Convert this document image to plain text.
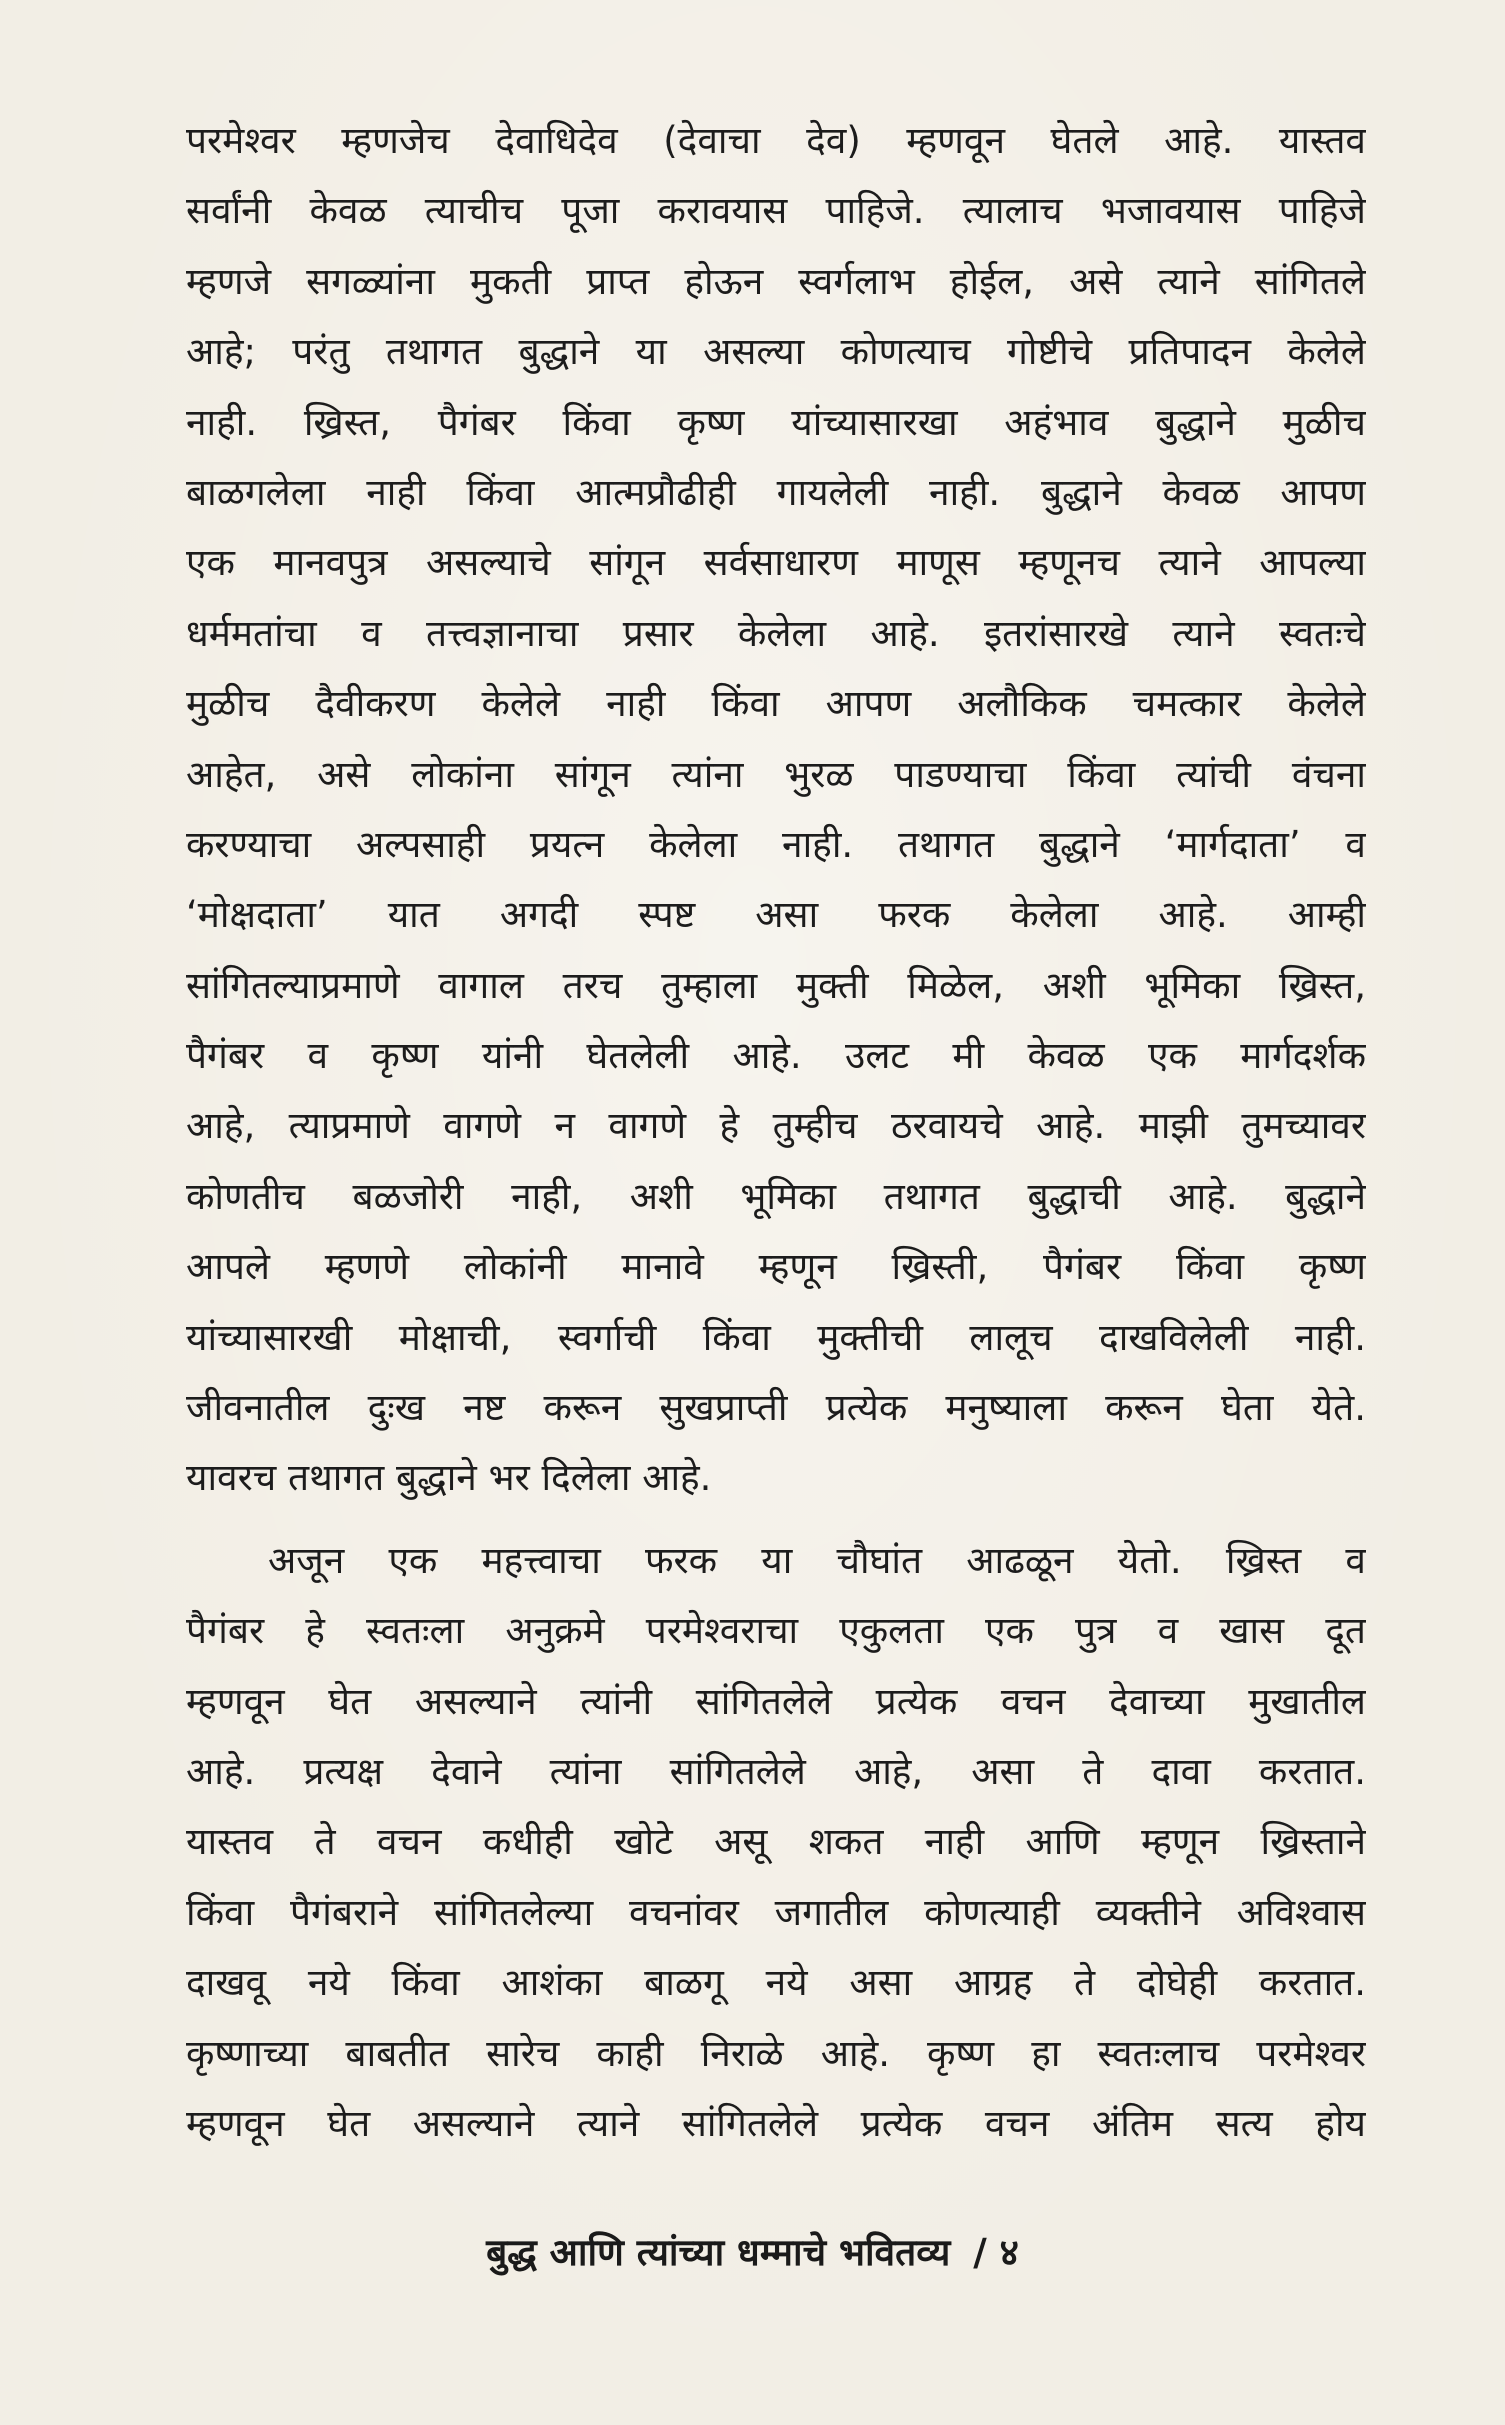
परमेश्वर म्हणजेच देवाधिदेव (देवाचा देव) म्हणवून घेतले आहे. यास्तव
सर्वांनी केवळ त्याचीच पूजा करावयास पाहिजे. त्यालाच भजावयास पाहिजे
म्हणजे सगळ्यांना मुकती प्राप्त होऊन स्वर्गलाभ होईल, असे त्याने सांगितले
आहे; परंतु तथागत बुद्धाने या असल्या कोणत्याच गोष्टीचे प्रतिपादन केलेले
नाही. ख्रिस्त, पैगंबर किंवा कृष्ण यांच्यासारखा अहंभाव बुद्धाने मुळीच
बाळगलेला नाही किंवा आत्मप्रौढीही गायलेली नाही. बुद्धाने केवळ आपण
एक मानवपुत्र असल्याचे सांगून सर्वसाधारण माणूस म्हणूनच त्याने आपल्या
धर्ममतांचा व तत्त्वज्ञानाचा प्रसार केलेला आहे. इतरांसारखे त्याने स्वतःचे
मुळीच दैवीकरण केलेले नाही किंवा आपण अलौकिक चमत्कार केलेले
आहेत, असे लोकांना सांगून त्यांना भुरळ पाडण्याचा किंवा त्यांची वंचना
करण्याचा अल्पसाही प्रयत्न केलेला नाही. तथागत बुद्धाने ‘मार्गदाता’ व
‘मोक्षदाता’ यात अगदी स्पष्ट असा फरक केलेला आहे. आम्ही
सांगितल्याप्रमाणे वागाल तरच तुम्हाला मुक्ती मिळेल, अशी भूमिका ख्रिस्त,
पैगंबर व कृष्ण यांनी घेतलेली आहे. उलट मी केवळ एक मार्गदर्शक
आहे, त्याप्रमाणे वागणे न वागणे हे तुम्हीच ठरवायचे आहे. माझी तुमच्यावर
कोणतीच बळजोरी नाही, अशी भूमिका तथागत बुद्धाची आहे. बुद्धाने
आपले म्हणणे लोकांनी मानावे म्हणून ख्रिस्ती, पैगंबर किंवा कृष्ण
यांच्यासारखी मोक्षाची, स्वर्गाची किंवा मुक्तीची लालूच दाखविलेली नाही.
जीवनातील दुःख नष्ट करून सुखप्राप्ती प्रत्येक मनुष्याला करून घेता येते.
यावरच तथागत बुद्धाने भर दिलेला आहे.
अजून एक महत्त्वाचा फरक या चौघांत आढळून येतो. ख्रिस्त व
पैगंबर हे स्वतःला अनुक्रमे परमेश्वराचा एकुलता एक पुत्र व खास दूत
म्हणवून घेत असल्याने त्यांनी सांगितलेले प्रत्येक वचन देवाच्या मुखातील
आहे. प्रत्यक्ष देवाने त्यांना सांगितलेले आहे, असा ते दावा करतात.
यास्तव ते वचन कधीही खोटे असू शकत नाही आणि म्हणून ख्रिस्ताने
किंवा पैगंबराने सांगितलेल्या वचनांवर जगातील कोणत्याही व्यक्तीने अविश्वास
दाखवू नये किंवा आशंका बाळगू नये असा आग्रह ते दोघेही करतात.
कृष्णाच्या बाबतीत सारेच काही निराळे आहे. कृष्ण हा स्वतःलाच परमेश्वर
म्हणवून घेत असल्याने त्याने सांगितलेले प्रत्येक वचन अंतिम सत्य होय
बुद्ध आणि त्यांच्या धम्माचे भवितव्य / ४
